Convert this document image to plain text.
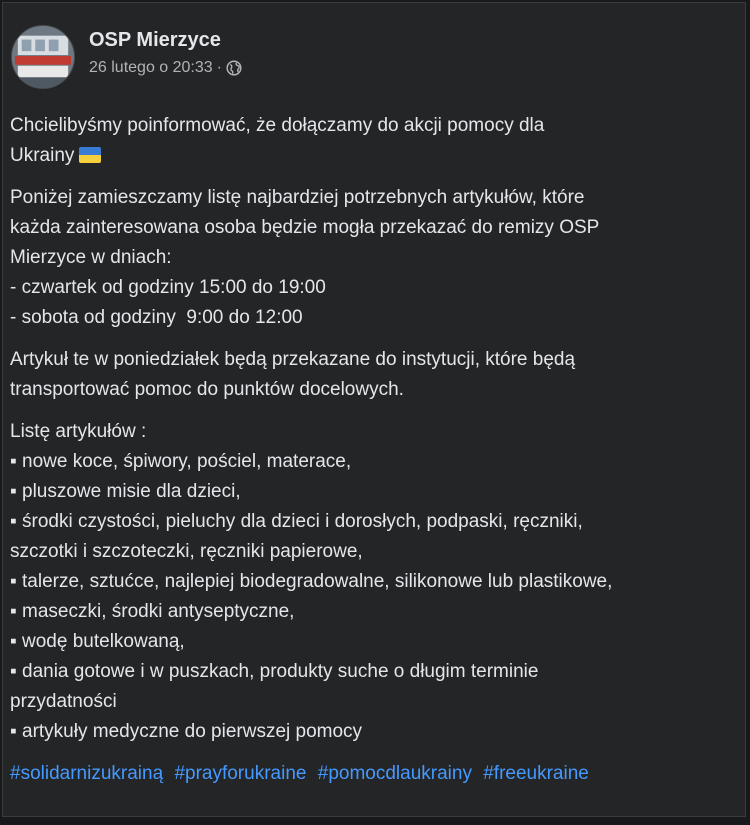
OSP Mierzyce
26 lutego o 20:33 ·
Chcielibyśmy poinformować, że dołączamy do akcji pomocy dla
Ukrainy
Poniżej zamieszczamy listę najbardziej potrzebnych artykułów, które
każda zainteresowana osoba będzie mogła przekazać do remizy OSP
Mierzyce w dniach:
- czwartek od godziny 15:00 do 19:00
- sobota od godziny  9:00 do 12:00
Artykuł te w poniedziałek będą przekazane do instytucji, które będą
transportować pomoc do punktów docelowych.
Listę artykułów :
▪ nowe koce, śpiwory, pościel, materace,
▪ pluszowe misie dla dzieci,
▪ środki czystości, pieluchy dla dzieci i dorosłych, podpaski, ręczniki,
szczotki i szczoteczki, ręczniki papierowe,
▪ talerze, sztućce, najlepiej biodegradowalne, silikonowe lub plastikowe,
▪ maseczki, środki antyseptyczne,
▪ wodę butelkowaną,
▪ dania gotowe i w puszkach, produkty suche o długim terminie
przydatności
▪ artykuły medyczne do pierwszej pomocy
#solidarnizukrainą #prayforukraine #pomocdlaukrainy #freeukraine
